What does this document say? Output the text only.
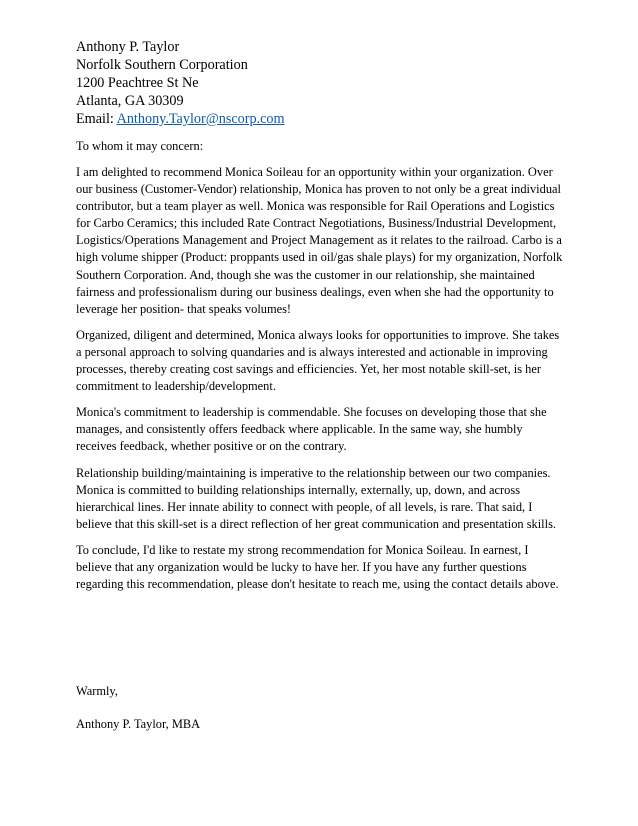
Anthony P. Taylor
Norfolk Southern Corporation
1200 Peachtree St Ne
Atlanta, GA 30309
Email: Anthony.Taylor@nscorp.com

To whom it may concern:

I am delighted to recommend Monica Soileau for an opportunity within your organization. Over our business (Customer-Vendor) relationship, Monica has proven to not only be a great individual contributor, but a team player as well. Monica was responsible for Rail Operations and Logistics for Carbo Ceramics; this included Rate Contract Negotiations, Business/Industrial Development, Logistics/Operations Management and Project Management as it relates to the railroad. Carbo is a high volume shipper (Product: proppants used in oil/gas shale plays) for my organization, Norfolk Southern Corporation. And, though she was the customer in our relationship, she maintained fairness and professionalism during our business dealings, even when she had the opportunity to leverage her position- that speaks volumes!

Organized, diligent and determined, Monica always looks for opportunities to improve. She takes a personal approach to solving quandaries and is always interested and actionable in improving processes, thereby creating cost savings and efficiencies. Yet, her most notable skill-set, is her commitment to leadership/development.

Monica's commitment to leadership is commendable. She focuses on developing those that she manages, and consistently offers feedback where applicable. In the same way, she humbly receives feedback, whether positive or on the contrary.

Relationship building/maintaining is imperative to the relationship between our two companies. Monica is committed to building relationships internally, externally, up, down, and across hierarchical lines. Her innate ability to connect with people, of all levels, is rare. That said, I believe that this skill-set is a direct reflection of her great communication and presentation skills.

To conclude, I'd like to restate my strong recommendation for Monica Soileau. In earnest, I believe that any organization would be lucky to have her. If you have any further questions regarding this recommendation, please don't hesitate to reach me, using the contact details above.

Warmly,

Anthony P. Taylor, MBA
